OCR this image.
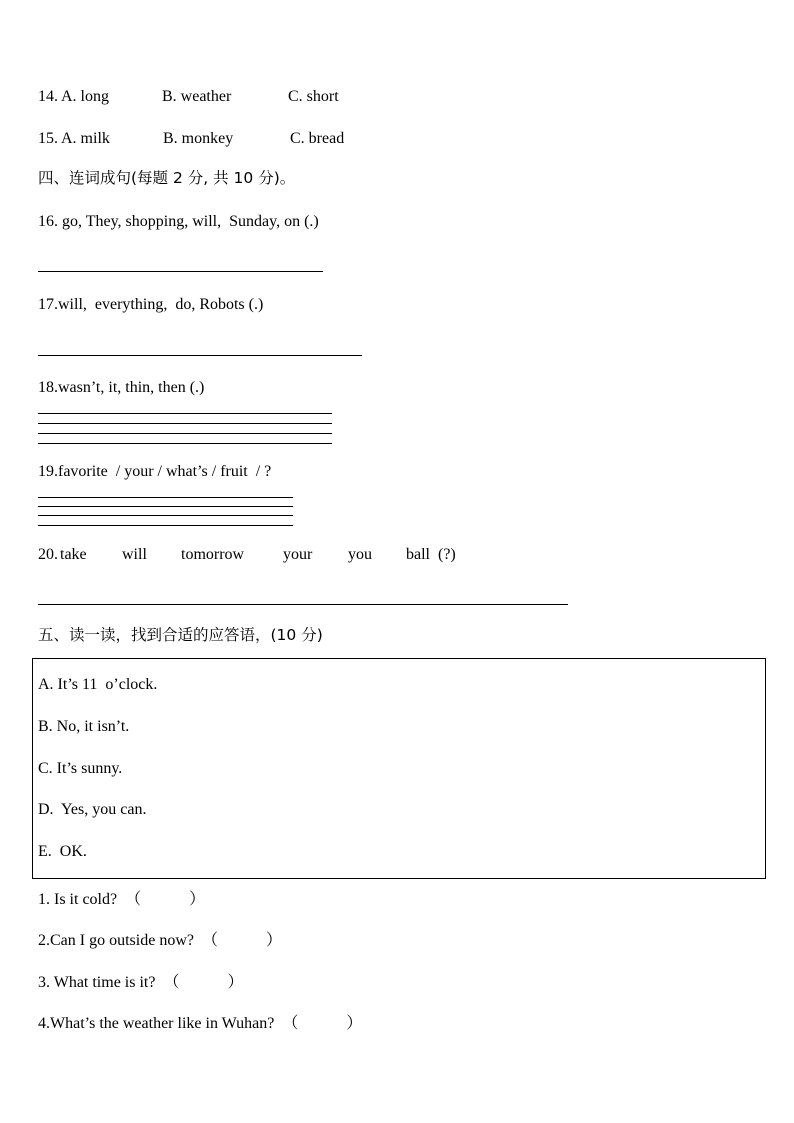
14. A. long	B. weather	C. short
15. A. milk	B. monkey	C. bread
四、连词成句(每题 2 分, 共 10 分)。
16. go, They, shopping, will,  Sunday, on (.)
17.will,  everything,  do, Robots (.)
18.wasn’t, it, thin, then (.)
19.favorite  / your / what’s / fruit  / ?
20. take will tomorrow your you ball  (?)
五、读一读，找到合适的应答语，(10 分)
A. It’s 11  o’clock.
B. No, it isn’t.
C. It’s sunny.
D.  Yes, you can.
E.  OK.
1. Is it cold?  （            ）
2.Can I go outside now?  （            ）
3. What time is it?  （            ）
4.What’s the weather like in Wuhan?  （            ）
